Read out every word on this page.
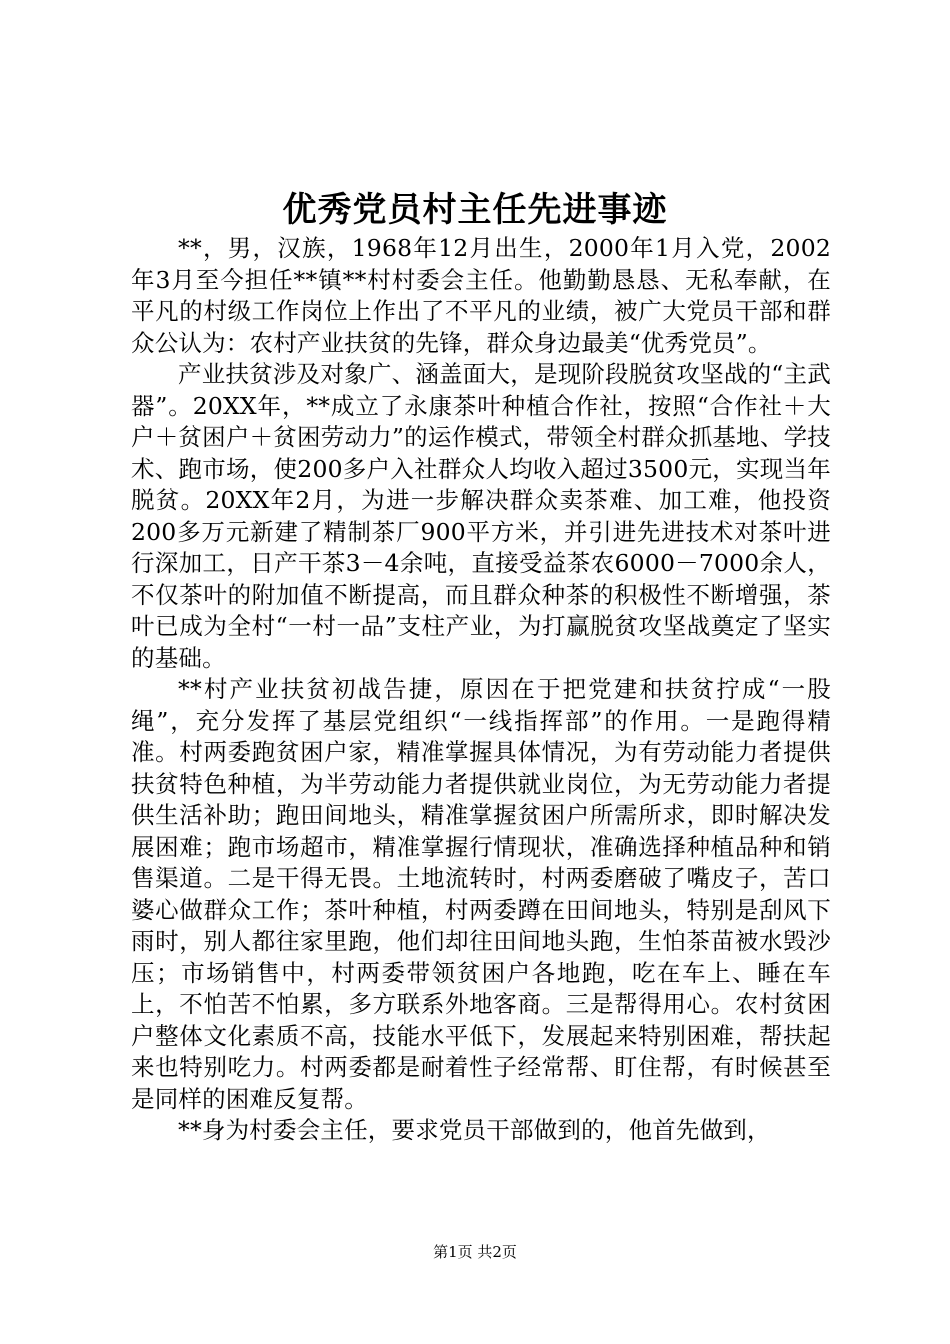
优秀党员村主任先进事迹

**，男，汉族，1968年12月出生，2000年1月入党，2002年3月至今担任**镇**村村委会主任。他勤勤恳恳、无私奉献，在平凡的村级工作岗位上作出了不平凡的业绩，被广大党员干部和群众公认为：农村产业扶贫的先锋，群众身边最美“优秀党员”。

产业扶贫涉及对象广、涵盖面大，是现阶段脱贫攻坚战的“主武器”。20XX年，**成立了永康茶叶种植合作社，按照“合作社＋大户＋贫困户＋贫困劳动力”的运作模式，带领全村群众抓基地、学技术、跑市场，使200多户入社群众人均收入超过3500元，实现当年脱贫。20XX年2月，为进一步解决群众卖茶难、加工难，他投资200多万元新建了精制茶厂900平方米，并引进先进技术对茶叶进行深加工，日产干茶3－4余吨，直接受益茶农6000－7000余人，不仅茶叶的附加值不断提高，而且群众种茶的积极性不断增强，茶叶已成为全村“一村一品”支柱产业，为打赢脱贫攻坚战奠定了坚实的基础。

**村产业扶贫初战告捷，原因在于把党建和扶贫拧成“一股绳”，充分发挥了基层党组织“一线指挥部”的作用。一是跑得精准。村两委跑贫困户家，精准掌握具体情况，为有劳动能力者提供扶贫特色种植，为半劳动能力者提供就业岗位，为无劳动能力者提供生活补助；跑田间地头，精准掌握贫困户所需所求，即时解决发展困难；跑市场超市，精准掌握行情现状，准确选择种植品种和销售渠道。二是干得无畏。土地流转时，村两委磨破了嘴皮子，苦口婆心做群众工作；茶叶种植，村两委蹲在田间地头，特别是刮风下雨时，别人都往家里跑，他们却往田间地头跑，生怕茶苗被水毁沙压；市场销售中，村两委带领贫困户各地跑，吃在车上、睡在车上，不怕苦不怕累，多方联系外地客商。三是帮得用心。农村贫困户整体文化素质不高，技能水平低下，发展起来特别困难，帮扶起来也特别吃力。村两委都是耐着性子经常帮、盯住帮，有时候甚至是同样的困难反复帮。

**身为村委会主任，要求党员干部做到的，他首先做到，

第1页 共2页
